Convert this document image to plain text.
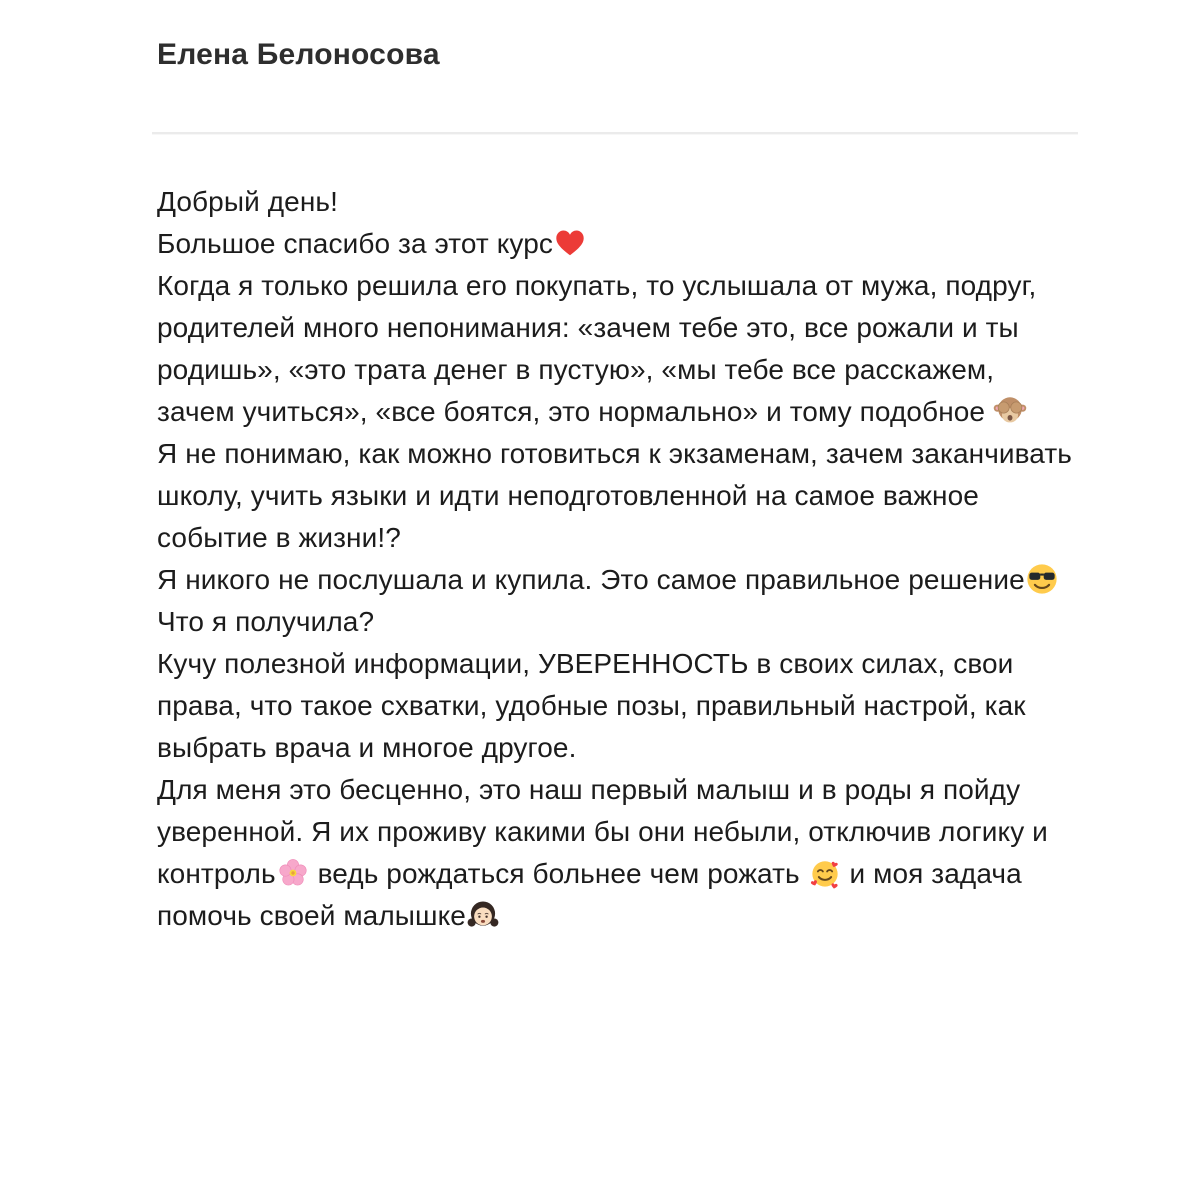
Елена Белоносова

Добрый день!

Большое спасибо за этот курс

Когда я только решила его покупать, то услышала от мужа, подруг, родителей много непонимания: «зачем тебе это, все рожали и ты родишь», «это трата денег в пустую», «мы тебе все расскажем, зачем учиться», «все боятся, это нормально» и тому подобное

Я не понимаю, как можно готовиться к экзаменам, зачем заканчивать школу, учить языки и идти неподготовленной на самое важное событие в жизни!?

Я никого не послушала и купила. Это самое правильное решение

Что я получила?

Кучу полезной информации, УВЕРЕННОСТЬ в своих силах, свои права, что такое схватки, удобные позы, правильный настрой, как выбрать врача и многое другое.

Для меня это бесценно, это наш первый малыш и в роды я пойду уверенной. Я их проживу какими бы они небыли, отключив логику и контроль
ведь рождаться больнее чем рожать
и моя задача помочь своей малышке
